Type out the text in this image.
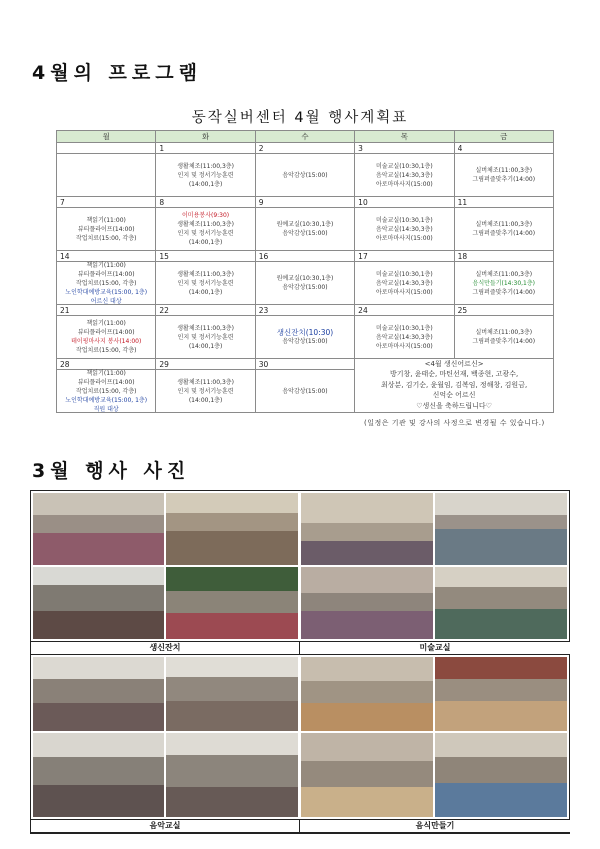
4월의 프로그램
동작실버센터 4월 행사계획표
월	화	수	목	금
	1	2	3	4

	생활체조(11:00,3층)
인지 및 정서기능훈련
(14:00,1층)	음악감상(15:00)	미술교실(10:30,1층)
음악교실(14:30,3층)
아로마마사지(15:00)	실버체조(11:00,3층)
그림퍼즐맞추기(14:00)

7	8	9	10	11

책읽기(11:00)
뷰티플라이프(14:00)
작업치료(15:00, 각층)	이미용봉사(9:30)
생활체조(11:00,3층)
인지 및 정서기능훈련
(14:00,1층)	원예교실(10:30,1층)
음악감상(15:00)	미술교실(10:30,1층)
음악교실(14:30,3층)
아로마마사지(15:00)	실버체조(11:00,3층)
그림퍼즐맞추기(14:00)

14	15	16	17	18

책읽기(11:00)
뷰티플라이프(14:00)
작업치료(15:00, 각층)
노인학대예방교육(15:00, 1층)
어르신 대상	생활체조(11:00,3층)
인지 및 정서기능훈련
(14:00,1층)	원예교실(10:30,1층)
음악감상(15:00)	미술교실(10:30,1층)
음악교실(14:30,3층)
아로마마사지(15:00)	실버체조(11:00,3층)
음식만들기(14:30,1층)
그림퍼즐맞추기(14:00)

21	22	23	24	25

책읽기(11:00)
뷰티플라이프(14:00)
테이핑마사지 봉사(14:00)
작업치료(15:00, 각층)	생활체조(11:00,3층)
인지 및 정서기능훈련
(14:00,1층)	생신잔치(10:30)
음악감상(15:00)	미술교실(10:30,1층)
음악교실(14:30,3층)
아로마마사지(15:00)	실버체조(11:00,3층)
그림퍼즐맞추기(14:00)

28	29	30	<4월 생신어르신>
방기창, 윤태순, 마틴선재, 백종현, 고광수,
최상분, 김기순, 윤월임, 김복임, 정해창, 김원금,
신억순 어르신
♡생신을 축하드립니다♡	

책읽기(11:00)
뷰티플라이프(14:00)
작업치료(15:00, 각층)
노인학대예방교육(15:00, 1층)
직원 대상	생활체조(11:00,3층)
인지 및 정서기능훈련
(14:00,1층)	음악감상(15:00)		
(일정은 기관 및 강사의 사정으로 변경될 수 있습니다.)
3월 행사 사진
생신잔치	미술교실
음악교실	음식만들기
